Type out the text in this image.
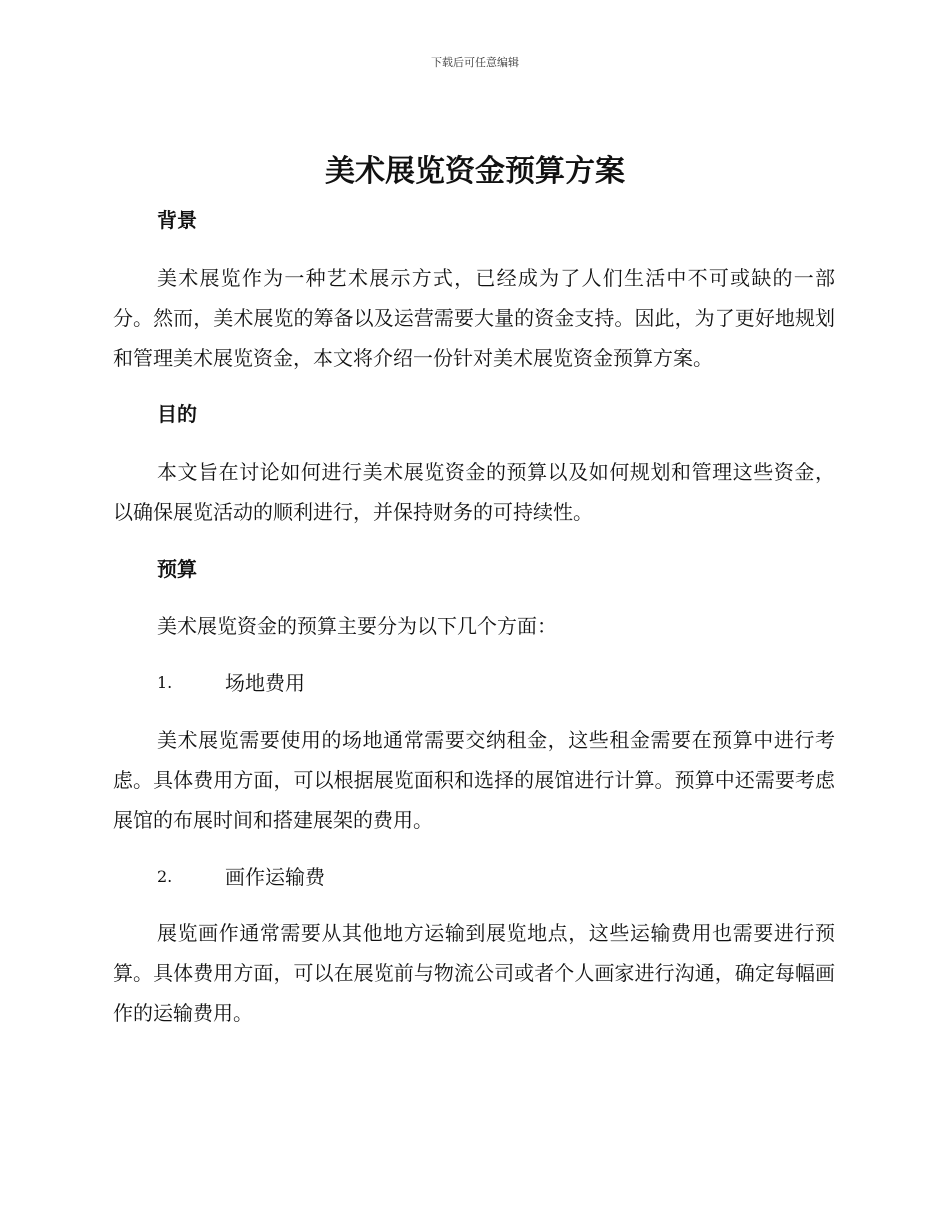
下载后可任意编辑
美术展览资金预算方案
背景
美术展览作为一种艺术展示方式，已经成为了人们生活中不可或缺的一部分。然而，美术展览的筹备以及运营需要大量的资金支持。因此，为了更好地规划和管理美术展览资金，本文将介绍一份针对美术展览资金预算方案。
目的
本文旨在讨论如何进行美术展览资金的预算以及如何规划和管理这些资金，以确保展览活动的顺利进行，并保持财务的可持续性。
预算
美术展览资金的预算主要分为以下几个方面：
1.	场地费用
美术展览需要使用的场地通常需要交纳租金，这些租金需要在预算中进行考虑。具体费用方面，可以根据展览面积和选择的展馆进行计算。预算中还需要考虑展馆的布展时间和搭建展架的费用。
2.	画作运输费
展览画作通常需要从其他地方运输到展览地点，这些运输费用也需要进行预算。具体费用方面，可以在展览前与物流公司或者个人画家进行沟通，确定每幅画作的运输费用。
